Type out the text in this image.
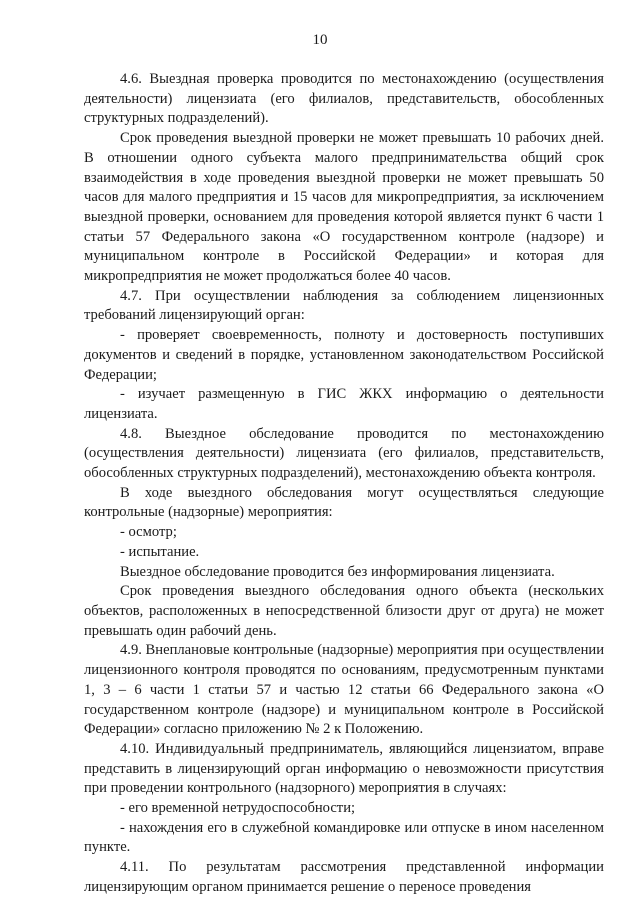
10

4.6. Выездная проверка проводится по местонахождению (осуществления деятельности) лицензиата (его филиалов, представительств, обособленных структурных подразделений).

Срок проведения выездной проверки не может превышать 10 рабочих дней. В отношении одного субъекта малого предпринимательства общий срок взаимодействия в ходе проведения выездной проверки не может превышать 50 часов для малого предприятия и 15 часов для микропредприятия, за исключением выездной проверки, основанием для проведения которой является пункт 6 части 1 статьи 57 Федерального закона «О государственном контроле (надзоре) и муниципальном контроле в Российской Федерации» и которая для микропредприятия не может продолжаться более 40 часов.

4.7. При осуществлении наблюдения за соблюдением лицензионных требований лицензирующий орган:

- проверяет своевременность, полноту и достоверность поступивших документов и сведений в порядке, установленном законодательством Российской Федерации;

- изучает размещенную в ГИС ЖКХ информацию о деятельности лицензиата.

4.8. Выездное обследование проводится по местонахождению (осуществления деятельности) лицензиата (его филиалов, представительств, обособленных структурных подразделений), местонахождению объекта контроля.

В ходе выездного обследования могут осуществляться следующие контрольные (надзорные) мероприятия:

- осмотр;

- испытание.

Выездное обследование проводится без информирования лицензиата.

Срок проведения выездного обследования одного объекта (нескольких объектов, расположенных в непосредственной близости друг от друга) не может превышать один рабочий день.

4.9. Внеплановые контрольные (надзорные) мероприятия при осуществлении лицензионного контроля проводятся по основаниям, предусмотренным пунктами 1, 3 – 6 части 1 статьи 57 и частью 12 статьи 66 Федерального закона «О государственном контроле (надзоре) и муниципальном контроле в Российской Федерации» согласно приложению № 2 к Положению.

4.10. Индивидуальный предприниматель, являющийся лицензиатом, вправе представить в лицензирующий орган информацию о невозможности присутствия при проведении контрольного (надзорного) мероприятия в случаях:

- его временной нетрудоспособности;

- нахождения его в служебной командировке или отпуске в ином населенном пункте.

4.11. По результатам рассмотрения представленной информации лицензирующим органом принимается решение о переносе проведения
